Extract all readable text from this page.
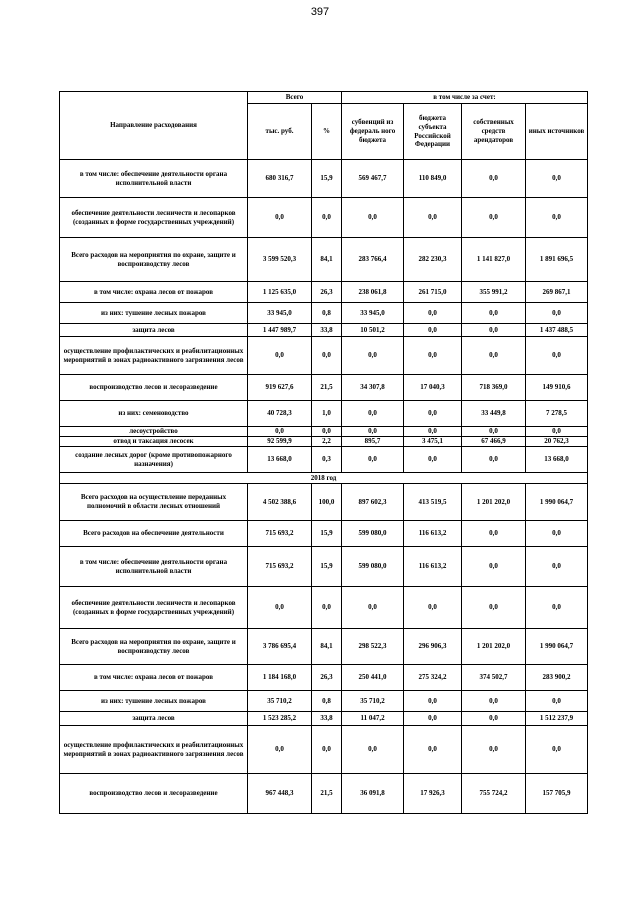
397
Направление расходования	Всего		в том числе за счет:			
	тыс. руб.	%	субвенций из федераль ного бюджета	бюджета субъекта Российской Федерации	собственных средств арендаторов	иных источников
в том числе: обеспечение деятельности органа исполнительной власти	680 316,7	15,9	569 467,7	110 849,0	0,0	0,0
обеспечение деятельности лесничеств и лесопарков (созданных в форме государственных учреждений)	0,0	0,0	0,0	0,0	0,0	0,0
Всего расходов на мероприятия по охране, защите и воспроизводству лесов	3 599 520,3	84,1	283 766,4	282 230,3	1 141 827,0	1 891 696,5
в том числе: охрана лесов от пожаров	1 125 635,0	26,3	238 061,8	261 715,0	355 991,2	269 867,1
из них: тушение лесных пожаров	33 945,0	0,8	33 945,0	0,0	0,0	0,0
защита лесов	1 447 989,7	33,8	10 501,2	0,0	0,0	1 437 488,5
осуществление профилактических и реабилитационных мероприятий в зонах радиоактивного загрязнения лесов	0,0	0,0	0,0	0,0	0,0	0,0
воспроизводство лесов и лесоразведение	919 627,6	21,5	34 307,8	17 040,3	718 369,0	149 910,6
из них: семеноводство	40 728,3	1,0	0,0	0,0	33 449,8	7 278,5
лесоустройство	0,0	0,0	0,0	0,0	0,0	0,0
отвод и таксация лесосек	92 599,9	2,2	895,7	3 475,1	67 466,9	20 762,3
создание лесных дорог (кроме противопожарного назначения)	13 668,0	0,3	0,0	0,0	0,0	13 668,0
2018 год						
Всего расходов на осуществление переданных полномочий в области лесных отношений	4 502 388,6	100,0	897 602,3	413 519,5	1 201 202,0	1 990 064,7
Всего расходов на обеспечение деятельности	715 693,2	15,9	599 080,0	116 613,2	0,0	0,0
в том числе: обеспечение деятельности органа исполнительной власти	715 693,2	15,9	599 080,0	116 613,2	0,0	0,0
обеспечение деятельности лесничеств и лесопарков (созданных в форме государственных учреждений)	0,0	0,0	0,0	0,0	0,0	0,0
Всего расходов на мероприятия по охране, защите и воспроизводству лесов	3 786 695,4	84,1	298 522,3	296 906,3	1 201 202,0	1 990 064,7
в том числе: охрана лесов от пожаров	1 184 168,0	26,3	250 441,0	275 324,2	374 502,7	283 900,2
из них: тушение лесных пожаров	35 710,2	0,8	35 710,2	0,0	0,0	0,0
защита лесов	1 523 285,2	33,8	11 047,2	0,0	0,0	1 512 237,9
осуществление профилактических и реабилитационных мероприятий в зонах радиоактивного загрязнения лесов	0,0	0,0	0,0	0,0	0,0	0,0
воспроизводство лесов и лесоразведение	967 448,3	21,5	36 091,8	17 926,3	755 724,2	157 705,9
